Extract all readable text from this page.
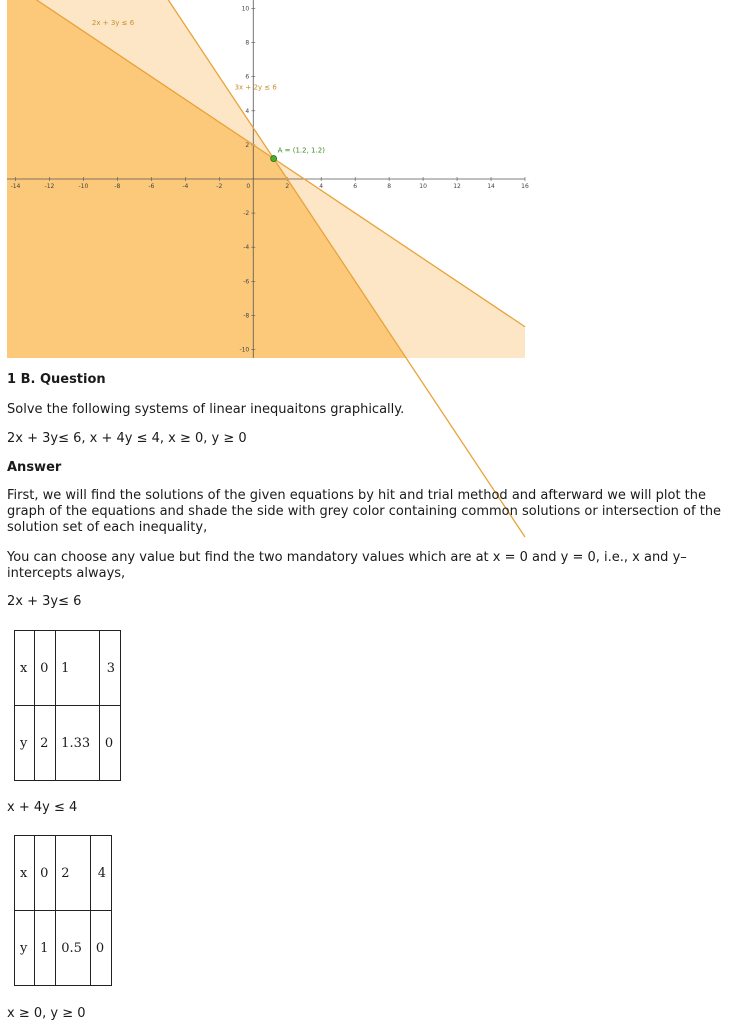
-14	-12	-10	-8	-6	-4	-2	0	2	4	6	8	10	12	14	16
10
8
6
4
2
-2
-4
-6
-8
-10
2x + 3y ≤ 6
3x + 2y ≤ 6
A = (1.2, 1.2)

1 B. Question

Solve the following systems of linear inequaitons graphically.

2x + 3y≤ 6, x + 4y ≤ 4, x ≥ 0, y ≥ 0

Answer

First, we will find the solutions of the given equations by hit and trial method and afterward we will plot the graph of the equations and shade the side with grey color containing common solutions or intersection of the solution set of each inequality,

You can choose any value but find the two mandatory values which are at x = 0 and y = 0, i.e., x and y–intercepts always,

2x + 3y≤ 6

x	0	1	3
y	2	1.33	0

x + 4y ≤ 4

x	0	2	4
y	1	0.5	0

x ≥ 0, y ≥ 0
